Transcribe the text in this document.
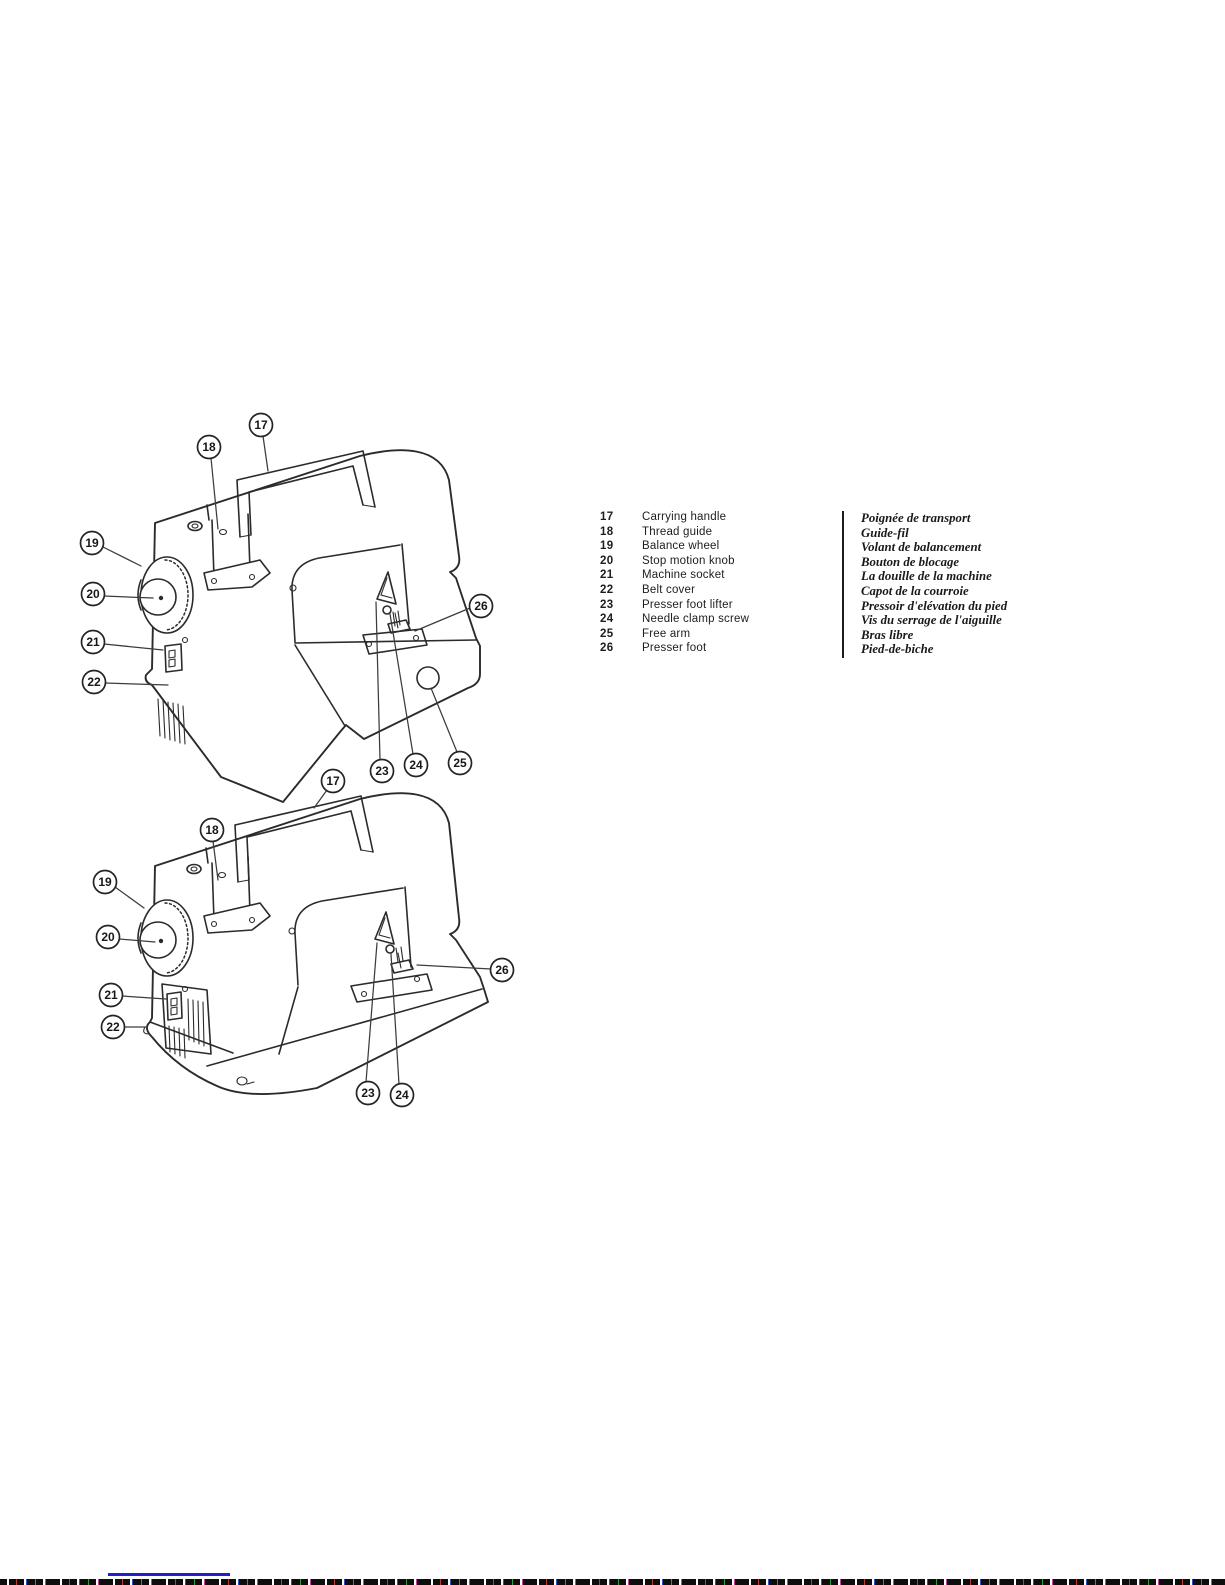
17
18
19
20
21
22
26
23 24	25
17
18
19
20
21
22
26
23 24
17	Carrying handle	Poignée de transport
18	Thread guide	Guide-fil
19	Balance wheel	Volant de balancement
20	Stop motion knob	Bouton de blocage
21	Machine socket	La douille de la machine
22	Belt cover	Capot de la courroie
23	Presser foot lifter	Pressoir d'elévation du pied
24	Needle clamp screw	Vis du serrage de l'aiguille
25	Free arm	Bras libre
26	Presser foot	Pied-de-biche
